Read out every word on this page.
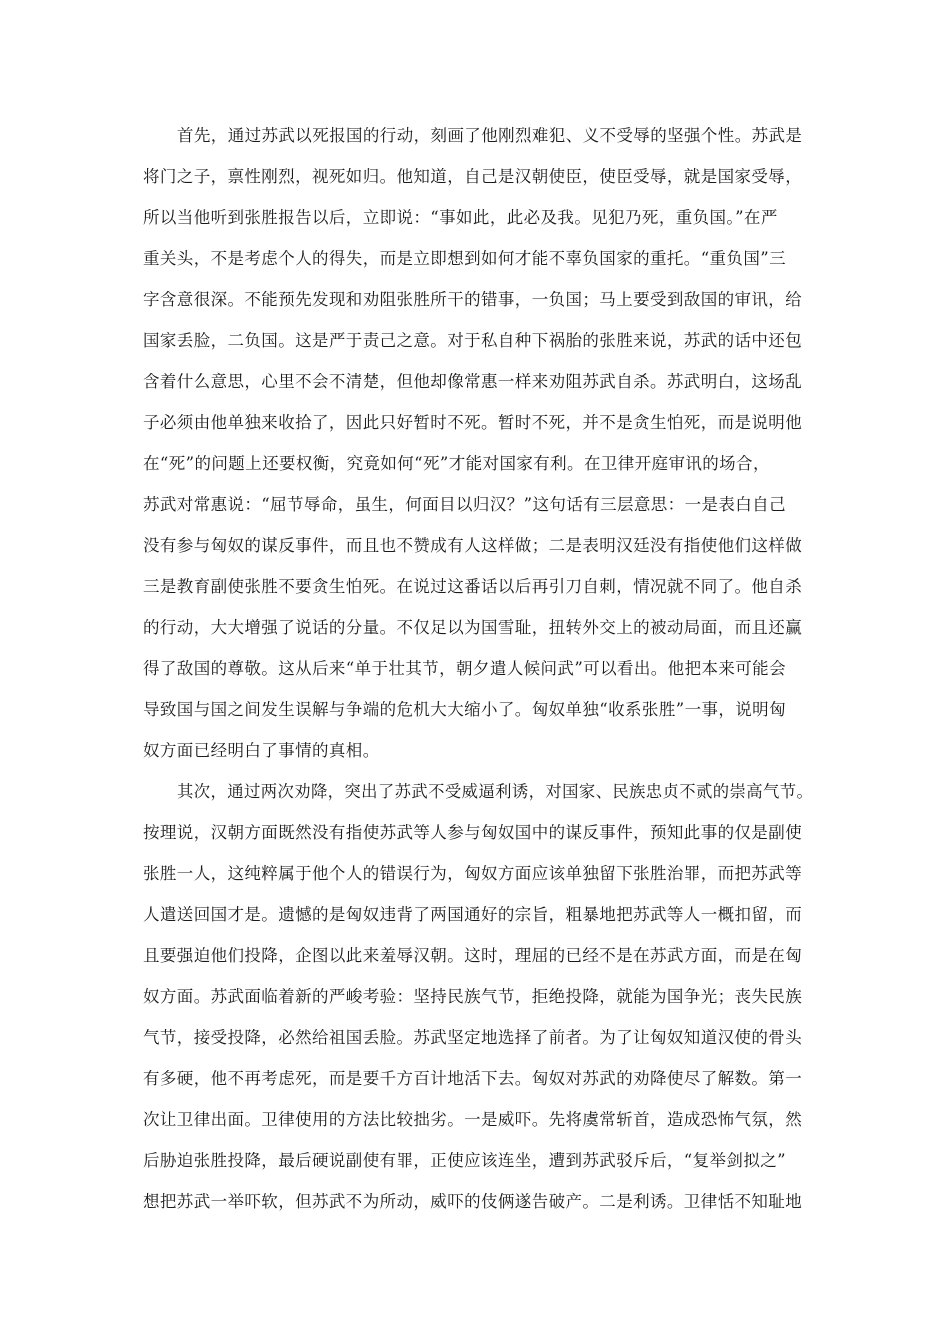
首先，通过苏武以死报国的行动，刻画了他刚烈难犯、义不受辱的坚强个性。苏武是
将门之子，禀性刚烈，视死如归。他知道，自己是汉朝使臣，使臣受辱，就是国家受辱，
所以当他听到张胜报告以后，立即说：“事如此，此必及我。见犯乃死，重负国。”在严
重关头，不是考虑个人的得失，而是立即想到如何才能不辜负国家的重托。“重负国”三
字含意很深。不能预先发现和劝阻张胜所干的错事，一负国；马上要受到敌国的审讯，给
国家丢脸，二负国。这是严于责己之意。对于私自种下祸胎的张胜来说，苏武的话中还包
含着什么意思，心里不会不清楚，但他却像常惠一样来劝阻苏武自杀。苏武明白，这场乱
子必须由他单独来收拾了，因此只好暂时不死。暂时不死，并不是贪生怕死，而是说明他
在“死”的问题上还要权衡，究竟如何“死”才能对国家有利。在卫律开庭审讯的场合，
苏武对常惠说：“屈节辱命，虽生，何面目以归汉？”这句话有三层意思：一是表白自己
没有参与匈奴的谋反事件，而且也不赞成有人这样做；二是表明汉廷没有指使他们这样做
三是教育副使张胜不要贪生怕死。在说过这番话以后再引刀自刺，情况就不同了。他自杀
的行动，大大增强了说话的分量。不仅足以为国雪耻，扭转外交上的被动局面，而且还赢
得了敌国的尊敬。这从后来“单于壮其节，朝夕遣人候问武”可以看出。他把本来可能会
导致国与国之间发生误解与争端的危机大大缩小了。匈奴单独“收系张胜”一事，说明匈
奴方面已经明白了事情的真相。
其次，通过两次劝降，突出了苏武不受威逼利诱，对国家、民族忠贞不贰的崇高气节。
按理说，汉朝方面既然没有指使苏武等人参与匈奴国中的谋反事件，预知此事的仅是副使
张胜一人，这纯粹属于他个人的错误行为，匈奴方面应该单独留下张胜治罪，而把苏武等
人遣送回国才是。遗憾的是匈奴违背了两国通好的宗旨，粗暴地把苏武等人一概扣留，而
且要强迫他们投降，企图以此来羞辱汉朝。这时，理屈的已经不是在苏武方面，而是在匈
奴方面。苏武面临着新的严峻考验：坚持民族气节，拒绝投降，就能为国争光；丧失民族
气节，接受投降，必然给祖国丢脸。苏武坚定地选择了前者。为了让匈奴知道汉使的骨头
有多硬，他不再考虑死，而是要千方百计地活下去。匈奴对苏武的劝降使尽了解数。第一
次让卫律出面。卫律使用的方法比较拙劣。一是威吓。先将虞常斩首，造成恐怖气氛，然
后胁迫张胜投降，最后硬说副使有罪，正使应该连坐，遭到苏武驳斥后，“复举剑拟之”
想把苏武一举吓软，但苏武不为所动，威吓的伎俩遂告破产。二是利诱。卫律恬不知耻地
